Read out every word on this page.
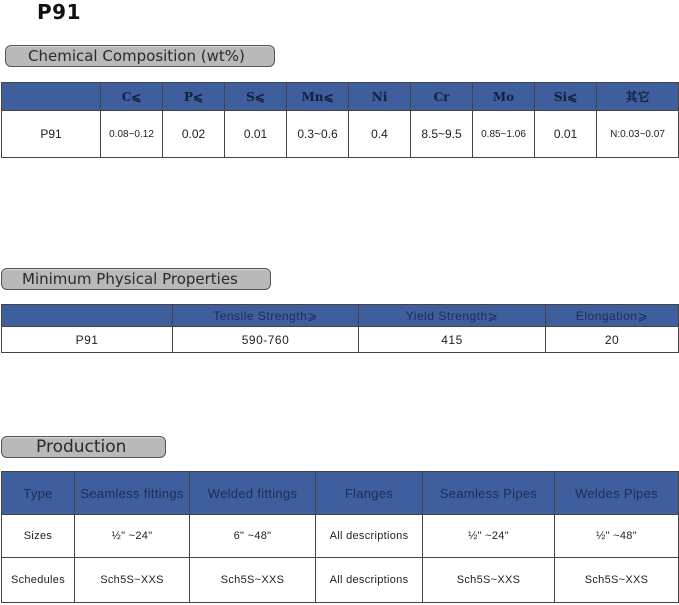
P91
Chemical Composition (wt%)
	C⩽	P⩽	S⩽	Mn⩽	Ni	Cr	Mo	Si⩽	其它
P91	0.08~0.12	0.02	0.01	0.3~0.6	0.4	8.5~9.5	0.85~1.06	0.01	N:0.03~0.07
Minimum Physical Properties
	Tensile Strength⩾	Yield Strength⩾	Elongation⩾
P91	590-760	415	20
Production
Type	Seamless fittings	Welded fittings	Flanges	Seamless Pipes	Weldes Pipes
Sizes	½" ~24"	6" ~48"	All descriptions	½" ~24"	½" ~48"
Schedules	Sch5S~XXS	Sch5S~XXS	All descriptions	Sch5S~XXS	Sch5S~XXS
